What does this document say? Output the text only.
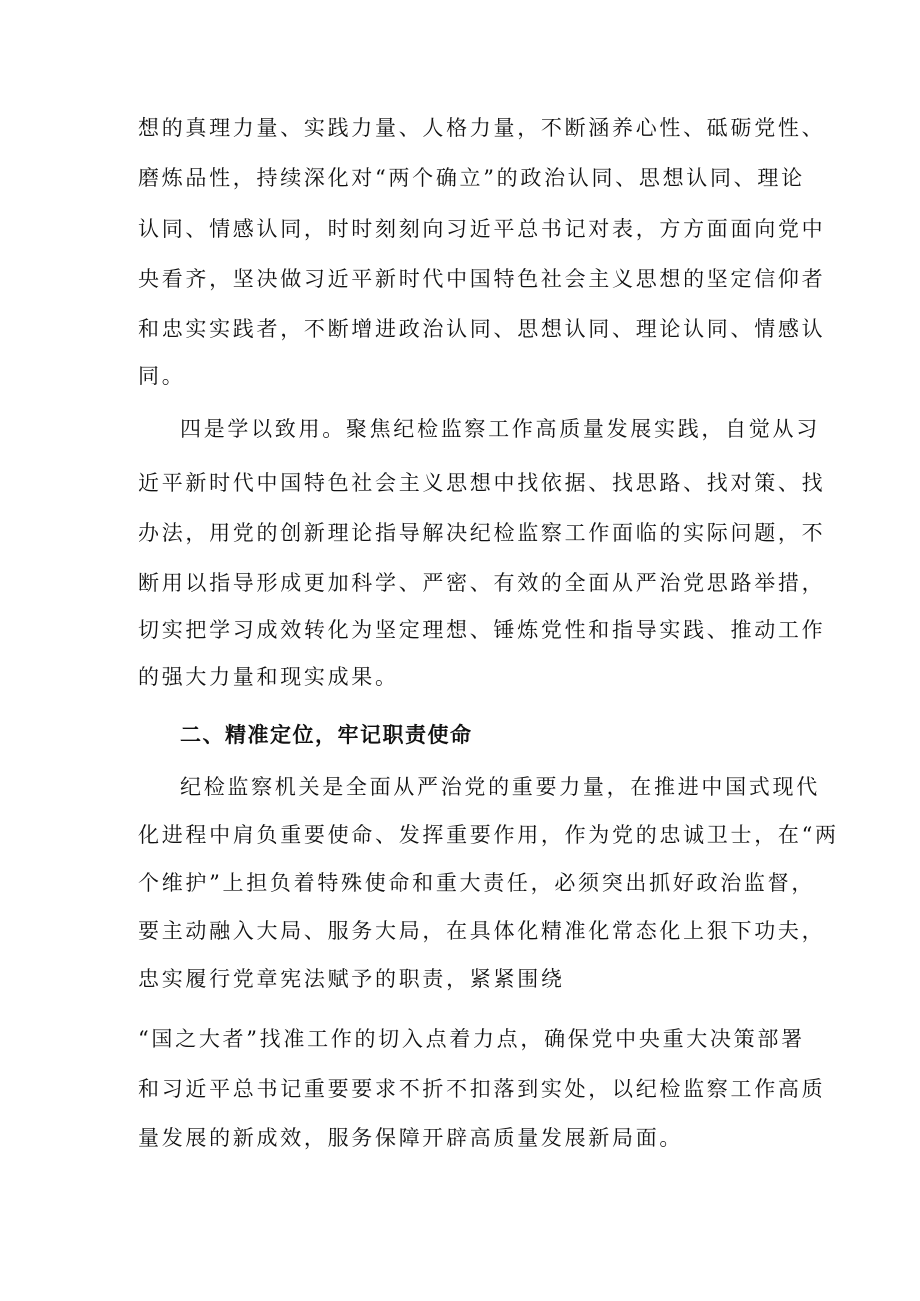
想的真理力量、实践力量、人格力量，不断涵养心性、砥砺党性、
磨炼品性，持续深化对“两个确立”的政治认同、思想认同、理论
认同、情感认同，时时刻刻向习近平总书记对表，方方面面向党中
央看齐，坚决做习近平新时代中国特色社会主义思想的坚定信仰者
和忠实实践者，不断增进政治认同、思想认同、理论认同、情感认
同。
四是学以致用。聚焦纪检监察工作高质量发展实践，自觉从习
近平新时代中国特色社会主义思想中找依据、找思路、找对策、找
办法，用党的创新理论指导解决纪检监察工作面临的实际问题，不
断用以指导形成更加科学、严密、有效的全面从严治党思路举措，
切实把学习成效转化为坚定理想、锤炼党性和指导实践、推动工作
的强大力量和现实成果。
二、精准定位，牢记职责使命
纪检监察机关是全面从严治党的重要力量，在推进中国式现代
化进程中肩负重要使命、发挥重要作用，作为党的忠诚卫士，在“两
个维护”上担负着特殊使命和重大责任，必须突出抓好政治监督，
要主动融入大局、服务大局，在具体化精准化常态化上狠下功夫，
忠实履行党章宪法赋予的职责，紧紧围绕
“国之大者”找准工作的切入点着力点，确保党中央重大决策部署
和习近平总书记重要要求不折不扣落到实处，以纪检监察工作高质
量发展的新成效，服务保障开辟高质量发展新局面。
